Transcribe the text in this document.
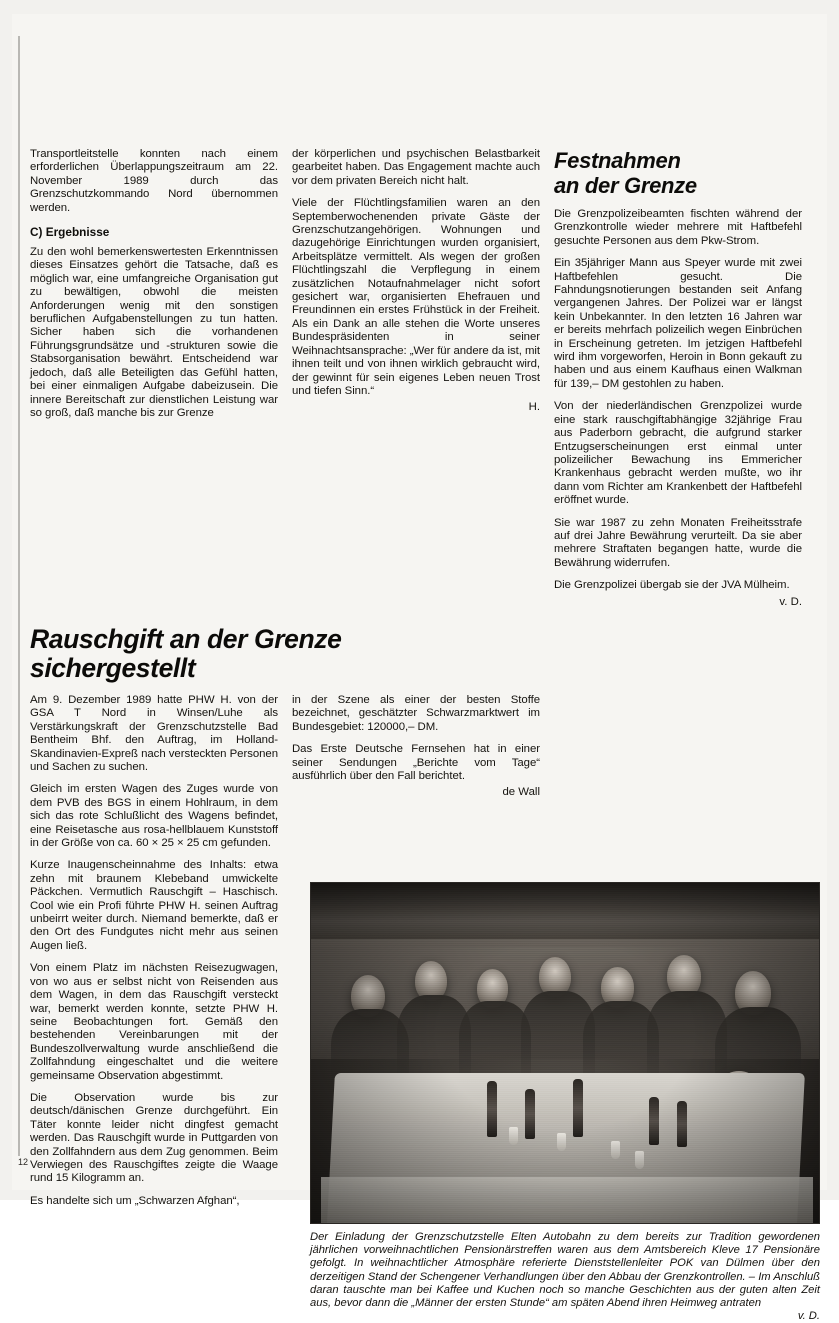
Transportleitstelle konnten nach einem erforderlichen Überlappungszeitraum am 22. November 1989 durch das Grenzschutzkommando Nord übernommen werden.
C) Ergebnisse
Zu den wohl bemerkenswertesten Erkenntnissen dieses Einsatzes gehört die Tatsache, daß es möglich war, eine umfangreiche Organisation gut zu bewältigen, obwohl die meisten Anforderungen wenig mit den sonstigen beruflichen Aufgabenstellungen zu tun hatten. Sicher haben sich die vorhandenen Führungsgrundsätze und -strukturen sowie die Stabsorganisation bewährt. Entscheidend war jedoch, daß alle Beteiligten das Gefühl hatten, bei einer einmaligen Aufgabe dabeizusein. Die innere Bereitschaft zur dienstlichen Leistung war so groß, daß manche bis zur Grenze
der körperlichen und psychischen Belastbarkeit gearbeitet haben. Das Engagement machte auch vor dem privaten Bereich nicht halt.
Viele der Flüchtlingsfamilien waren an den Septemberwochenenden private Gäste der Grenzschutzangehörigen. Wohnungen und dazugehörige Einrichtungen wurden organisiert, Arbeitsplätze vermittelt. Als wegen der großen Flüchtlingszahl die Verpflegung in einem zusätzlichen Notaufnahmelager nicht sofort gesichert war, organisierten Ehefrauen und Freundinnen ein erstes Frühstück in der Freiheit. Als ein Dank an alle stehen die Worte unseres Bundespräsidenten in seiner Weihnachtsansprache: „Wer für andere da ist, mit ihnen teilt und von ihnen wirklich gebraucht wird, der gewinnt für sein eigenes Leben neuen Trost und tiefen Sinn.“
H.
Festnahmen
an der Grenze
Die Grenzpolizeibeamten fischten während der Grenzkontrolle wieder mehrere mit Haftbefehl gesuchte Personen aus dem Pkw-Strom.
Ein 35jähriger Mann aus Speyer wurde mit zwei Haftbefehlen gesucht. Die Fahndungsnotierungen bestanden seit Anfang vergangenen Jahres. Der Polizei war er längst kein Unbekannter. In den letzten 16 Jahren war er bereits mehrfach polizeilich wegen Einbrüchen in Erscheinung getreten. Im jetzigen Haftbefehl wird ihm vorgeworfen, Heroin in Bonn gekauft zu haben und aus einem Kaufhaus einen Walkman für 139,– DM gestohlen zu haben.
Von der niederländischen Grenzpolizei wurde eine stark rauschgiftabhängige 32jährige Frau aus Paderborn gebracht, die aufgrund starker Entzugserscheinungen erst einmal unter polizeilicher Bewachung ins Emmericher Krankenhaus gebracht werden mußte, wo ihr dann vom Richter am Krankenbett der Haftbefehl eröffnet wurde.
Sie war 1987 zu zehn Monaten Freiheitsstrafe auf drei Jahre Bewährung verurteilt. Da sie aber mehrere Straftaten begangen hatte, wurde die Bewährung widerrufen.
Die Grenzpolizei übergab sie der JVA Mülheim.
v. D.
Rauschgift an der Grenze
sichergestellt
Am 9. Dezember 1989 hatte PHW H. von der GSA T Nord in Winsen/Luhe als Verstärkungskraft der Grenzschutzstelle Bad Bentheim Bhf. den Auftrag, im Holland-Skandinavien-Expreß nach versteckten Personen und Sachen zu suchen.
Gleich im ersten Wagen des Zuges wurde von dem PVB des BGS in einem Hohlraum, in dem sich das rote Schlußlicht des Wagens befindet, eine Reisetasche aus rosa-hellblauem Kunststoff in der Größe von ca. 60 × 25 × 25 cm gefunden.
Kurze Inaugenscheinnahme des Inhalts: etwa zehn mit braunem Klebeband umwickelte Päckchen. Vermutlich Rauschgift – Haschisch. Cool wie ein Profi führte PHW H. seinen Auftrag unbeirrt weiter durch. Niemand bemerkte, daß er den Ort des Fundgutes nicht mehr aus seinen Augen ließ.
Von einem Platz im nächsten Reisezugwagen, von wo aus er selbst nicht von Reisenden aus dem Wagen, in dem das Rauschgift versteckt war, bemerkt werden konnte, setzte PHW H. seine Beobachtungen fort. Gemäß den bestehenden Vereinbarungen mit der Bundeszollverwaltung wurde anschließend die Zollfahndung eingeschaltet und die weitere gemeinsame Observation abgestimmt.
Die Observation wurde bis zur deutsch/dänischen Grenze durchgeführt. Ein Täter konnte leider nicht dingfest gemacht werden. Das Rauschgift wurde in Puttgarden von den Zollfahndern aus dem Zug genommen. Beim Verwiegen des Rauschgiftes zeigte die Waage rund 15 Kilogramm an.
Es handelte sich um „Schwarzen Afghan“,
in der Szene als einer der besten Stoffe bezeichnet, geschätzter Schwarzmarktwert im Bundesgebiet: 120000,– DM.
Das Erste Deutsche Fernsehen hat in einer seiner Sendungen „Berichte vom Tage“ ausführlich über den Fall berichtet.
de Wall
Der Einladung der Grenzschutzstelle Elten Autobahn zu dem bereits zur Tradition gewordenen jährlichen vorweihnachtlichen Pensionärstreffen waren aus dem Amtsbereich Kleve 17 Pensionäre gefolgt. In weihnachtlicher Atmosphäre referierte Dienststellenleiter POK van Dülmen über den derzeitigen Stand der Schengener Verhandlungen über den Abbau der Grenzkontrollen. – Im Anschluß daran tauschte man bei Kaffee und Kuchen noch so manche Geschichten aus der guten alten Zeit aus, bevor dann die „Männer der ersten Stunde“ am späten Abend ihren Heimweg antraten
v. D.
12
